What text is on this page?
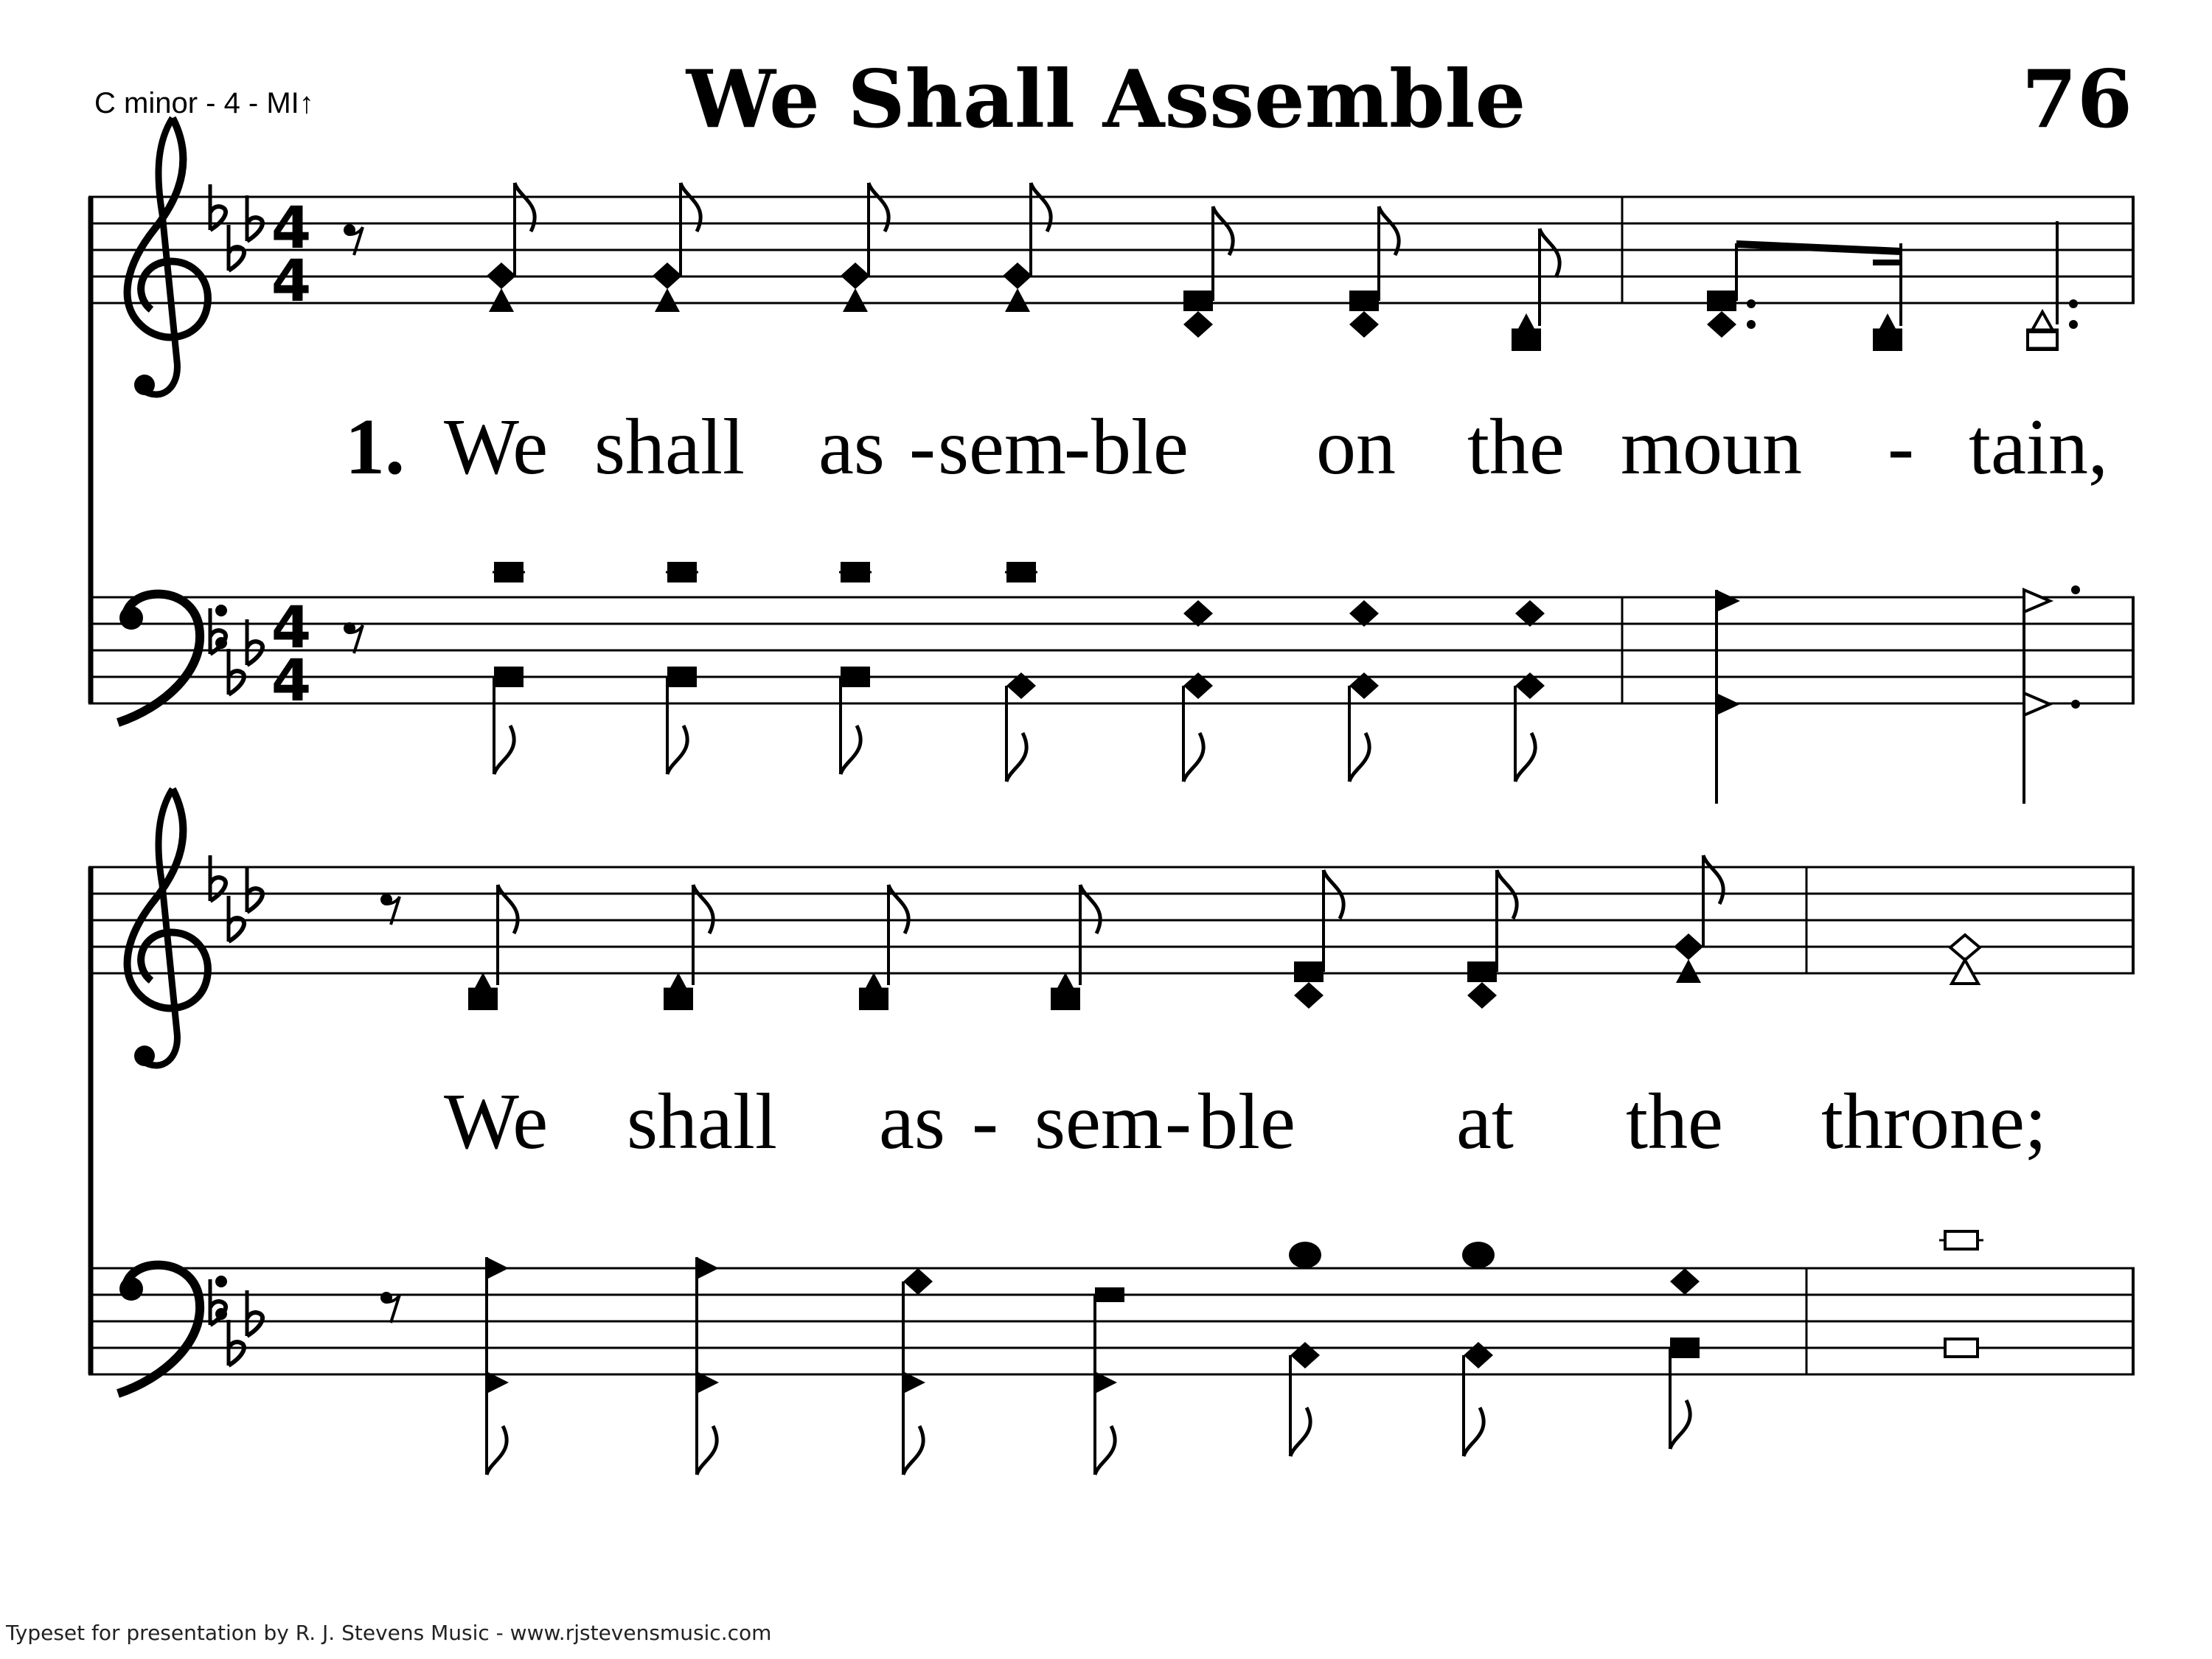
C minor - 4 - MI↑	We Shall Assemble	76
4
4
4
4
1. We shall as - sem
- ble on the moun - tain,
We shall as - sem - ble at the throne;
Typeset for presentation by R. J. Stevens Music - www.rjstevensmusic.com
